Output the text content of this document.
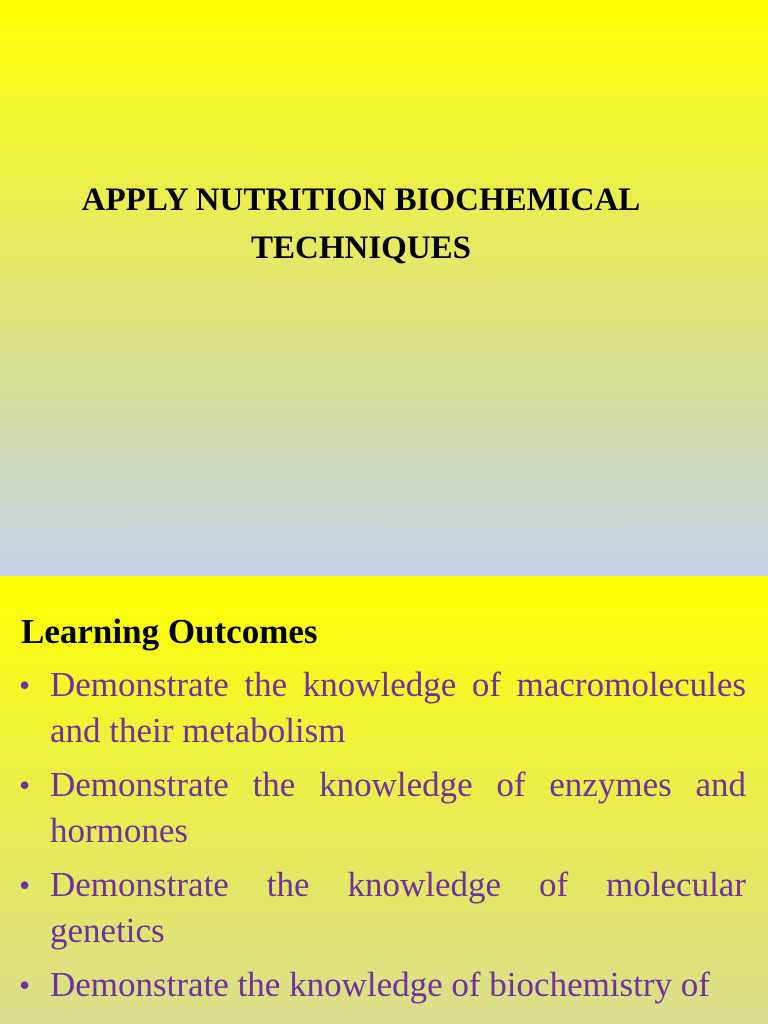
APPLY NUTRITION BIOCHEMICAL
TECHNIQUES
Learning Outcomes
• Demonstrate the knowledge of macromolecules and their metabolism
• Demonstrate the knowledge of enzymes and hormones
• Demonstrate the knowledge of molecular genetics
• Demonstrate the knowledge of biochemistry of
